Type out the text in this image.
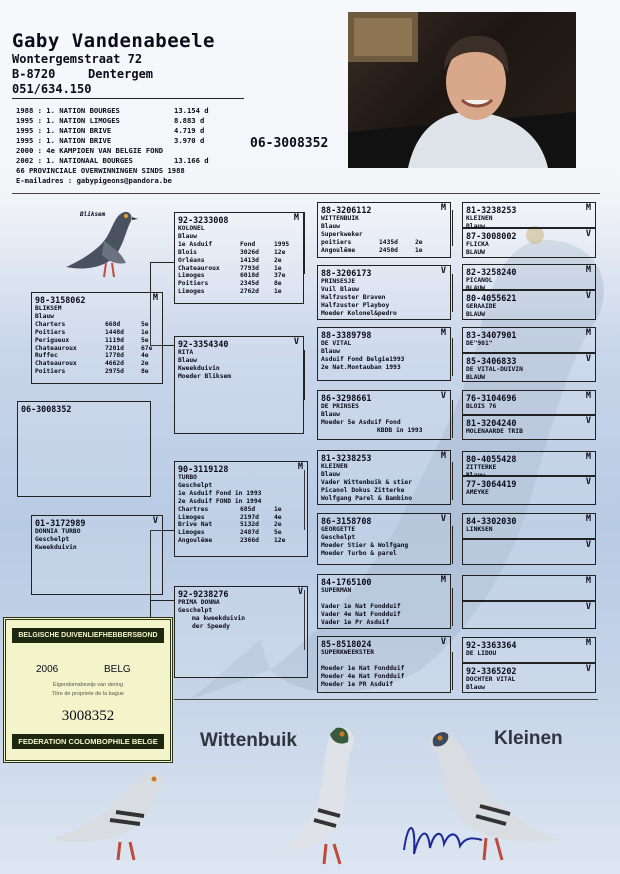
Gaby Vandenabeele
Wontergemstraat 72
B-8720	Dentergem
051/634.150
1988 : 1. NATION BOURGES	13.154 d
1995 : 1. NATION LIMOGES	8.883 d
1995 : 1. NATION BRIVE	4.719 d
1995 : 1. NATION BRIVE	3.970 d
2000 : 4e KAMPIOEN VAN BELGIE FOND
2002 : 1. NATIONAAL BOURGES	13.166 d
66 PROVINCIALE OVERWINNINGEN SINDS 1988
E-mailadres : gabypigeons@pandora.be
06-3008352
Bliksem
98-3158062	M
BLIKSEM
Blauw
Charters	668d	5e
Poitiers	1448d	1e
Perigueux	1119d	5e
Chateauroux	7201d	67e
Ruffec	1778d	4e
Chateauroux	4662d	2e
Poitiers	2975d	8e
06-3008352
01-3172989	V
DONNIA TURBO
Geschelpt
Kweekduivin
92-3233008	M
KOLONEL
Blauw
1e Asduif	Fond	1995
Blois	3026d 12e
Orléans	1413d 2e
Chateauroux	7793d 1e
Limoges	6018d 37e
Poitiers	2345d 8e
Limoges	2762d 1e
92-3354340	V
RITA
Blauw
Kweekduivin
Moeder Bliksem
90-3119128	M
TURBO
Geschelpt
1e Asduif Fond in 1993
2e Asduif FOND in 1994
Chartres	685d	1e
Limoges	2197d 4e
Brive Nat	5132d 2e
Limoges	2487d 5e
Angoulême	2366d 12e
92-9238276	V
PRIMA DONNA
Geschelpt
ma kweekduivin
der Speedy
88-3206112	M
WITTENBUIK
Blauw
Superkweker
poitiers	1435d	2e
Angoulême	2450d	1e
88-3206173	V
PRINSESJE
Vuil Blauw
Halfzuster Braven
Halfzuster Playboy
Moeder Kolonel&pedro
88-3389798	M
DE VITAL
Blauw
Asduif Fond Belgie1993
2e Nat.Montauban 1993
86-3298661	V
DE PRINSES
Blauw
Moeder 5e Asduif Fond
KBDB in 1993
81-3238253	M
KLEINEN
Blauw
Vader Wittenbuik & stier
Picanol Dokus Zitterke
Wolfgang Parel & Bambino
86-3158708	V
GEORGETTE
Geschelpt
Moeder Stier & Wolfgang
Moeder Turbo & parel
84-1765100	M
SUPERMAN

Vader 1e Nat Fondduif
Vader 4e Nat Fondduif
Vader 1e Pr Asduif
85-8518024	V
SUPERKWEEKSTER

Moeder 1e Nat Fondduif
Moeder 4e Nat Fondduif
Moeder 1e PR Asduif
81-3238253	M
KLEINEN
Blauw
87-3008002	V
FLICKA
BLAUW
82-3258240	M
PICANOL
BLAUW
80-4055621	V
GERAAIDE
BLAUW
83-3407901	M
DE"901"
85-3406833	V
DE VITAL-DUIVIN
BLAUW
76-3104696	M
BLOIS 76
81-3204240	V
MOLENAARDE TRIB
80-4055428	M
ZITTERKE
Blauw
77-3064419	V
AMEYKE
84-3302030	M
LINKSEN
V
M
V
92-3363364	M
DE LIDOU
92-3365202	V
DOCHTER VITAL
Blauw
BELGISCHE DUIVENLIEFHEBBERSBOND
2006	BELG
Eigendomsbewijs van dering
Titre de propriete de la bague
3008352
FEDERATION COLOMBOPHILE BELGE	Wittenbuik	Kleinen
